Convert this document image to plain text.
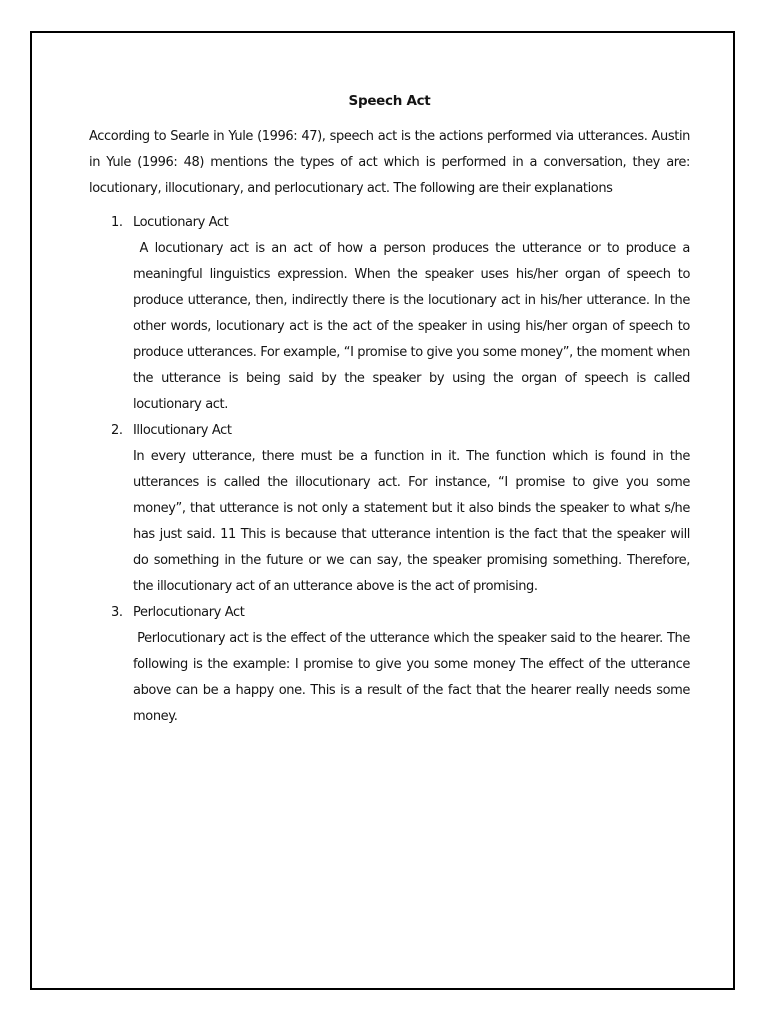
Speech Act

According to Searle in Yule (1996: 47), speech act is the actions performed via utterances. Austin in Yule (1996: 48) mentions the types of act which is performed in a conversation, they are: locutionary, illocutionary, and perlocutionary act. The following are their explanations

1. Locutionary Act

A locutionary act is an act of how a person produces the utterance or to produce a meaningful linguistics expression. When the speaker uses his/her organ of speech to produce utterance, then, indirectly there is the locutionary act in his/her utterance. In the other words, locutionary act is the act of the speaker in using his/her organ of speech to produce utterances. For example, “I promise to give you some money”, the moment when the utterance is being said by the speaker by using the organ of speech is called locutionary act.

2. Illocutionary Act

In every utterance, there must be a function in it. The function which is found in the utterances is called the illocutionary act. For instance, “I promise to give you some money”, that utterance is not only a statement but it also binds the speaker to what s/he has just said. 11 This is because that utterance intention is the fact that the speaker will do something in the future or we can say, the speaker promising something. Therefore, the illocutionary act of an utterance above is the act of promising.

3. Perlocutionary Act

Perlocutionary act is the effect of the utterance which the speaker said to the hearer. The following is the example: I promise to give you some money The effect of the utterance above can be a happy one. This is a result of the fact that the hearer really needs some money.
